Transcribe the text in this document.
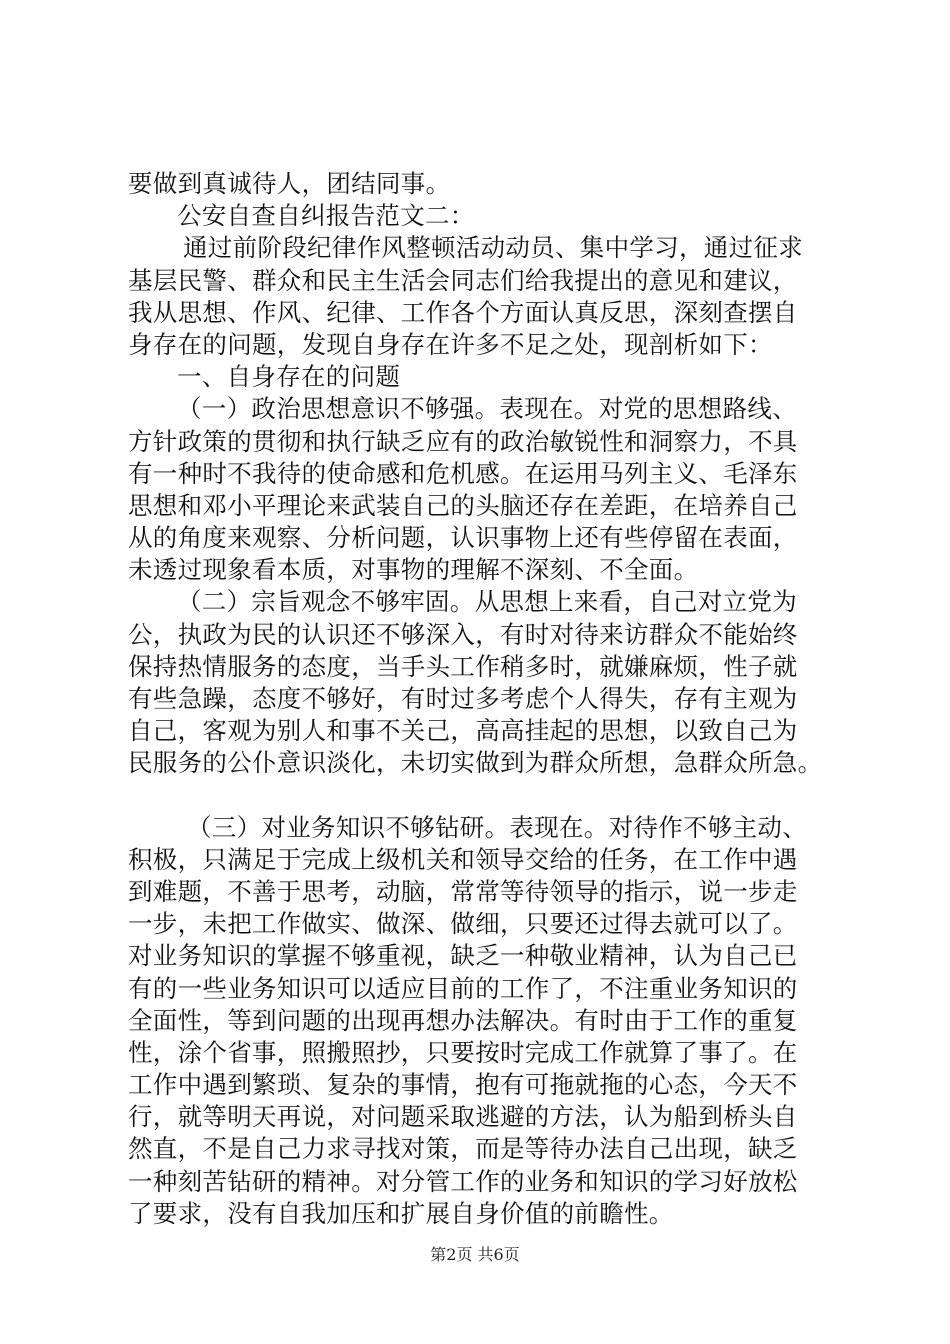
要做到真诚待人，团结同事。
公安自查自纠报告范文二：
通过前阶段纪律作风整顿活动动员、集中学习，通过征求
基层民警、群众和民主生活会同志们给我提出的意见和建议，
我从思想、作风、纪律、工作各个方面认真反思，深刻查摆自
身存在的问题，发现自身存在许多不足之处，现剖析如下：
一、自身存在的问题
（一）政治思想意识不够强。表现在。对党的思想路线、
方针政策的贯彻和执行缺乏应有的政治敏锐性和洞察力，不具
有一种时不我待的使命感和危机感。在运用马列主义、毛泽东
思想和邓小平理论来武装自己的头脑还存在差距，在培养自己
从的角度来观察、分析问题，认识事物上还有些停留在表面，
未透过现象看本质，对事物的理解不深刻、不全面。
（二）宗旨观念不够牢固。从思想上来看，自己对立党为
公，执政为民的认识还不够深入，有时对待来访群众不能始终
保持热情服务的态度，当手头工作稍多时，就嫌麻烦，性子就
有些急躁，态度不够好，有时过多考虑个人得失，存有主观为
自己，客观为别人和事不关己，高高挂起的思想，以致自己为
民服务的公仆意识淡化，未切实做到为群众所想，急群众所急。
（三）对业务知识不够钻研。表现在。对待作不够主动、
积极，只满足于完成上级机关和领导交给的任务，在工作中遇
到难题，不善于思考，动脑，常常等待领导的指示，说一步走
一步，未把工作做实、做深、做细，只要还过得去就可以了。
对业务知识的掌握不够重视，缺乏一种敬业精神，认为自己已
有的一些业务知识可以适应目前的工作了，不注重业务知识的
全面性，等到问题的出现再想办法解决。有时由于工作的重复
性，涂个省事，照搬照抄，只要按时完成工作就算了事了。在
工作中遇到繁琐、复杂的事情，抱有可拖就拖的心态，今天不
行，就等明天再说，对问题采取逃避的方法，认为船到桥头自
然直，不是自己力求寻找对策，而是等待办法自己出现，缺乏
一种刻苦钻研的精神。对分管工作的业务和知识的学习好放松
了要求，没有自我加压和扩展自身价值的前瞻性。
第2页 共6页
